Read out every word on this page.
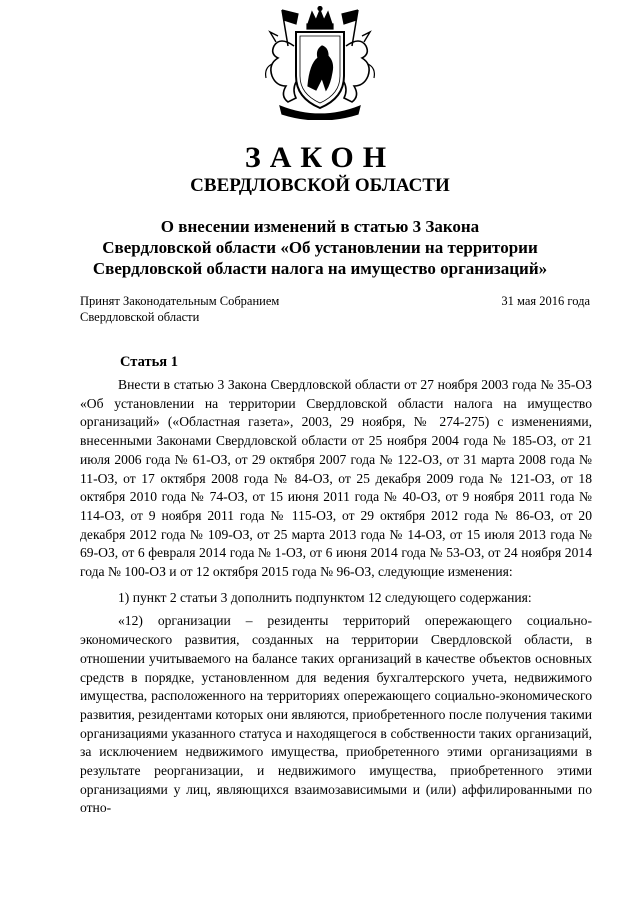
ЗАКОН
СВЕРДЛОВСКОЙ ОБЛАСТИ
О внесении изменений в статью 3 Закона
Свердловской области «Об установлении на территории
Свердловской области налога на имущество организаций»
Принят Законодательным Собранием
Свердловской области
31 мая 2016 года
Статья 1

Внести в статью 3 Закона Свердловской области от 27 ноября 2003 года № 35-ОЗ «Об установлении на территории Свердловской области налога на имущество организаций» («Областная газета», 2003, 29 ноября, № 274-275) с изменениями, внесенными Законами Свердловской области от 25 ноября 2004 года № 185-ОЗ, от 21 июля 2006 года № 61-ОЗ, от 29 октября 2007 года № 122-ОЗ, от 31 марта 2008 года № 11-ОЗ, от 17 октября 2008 года № 84-ОЗ, от 25 декабря 2009 года № 121-ОЗ, от 18 октября 2010 года № 74-ОЗ, от 15 июня 2011 года № 40-ОЗ, от 9 ноября 2011 года № 114-ОЗ, от 9 ноября 2011 года № 115-ОЗ, от 29 октября 2012 года № 86-ОЗ, от 20 декабря 2012 года № 109-ОЗ, от 25 марта 2013 года № 14-ОЗ, от 15 июля 2013 года № 69-ОЗ, от 6 февраля 2014 года № 1-ОЗ, от 6 июня 2014 года № 53-ОЗ, от 24 ноября 2014 года № 100-ОЗ и от 12 октября 2015 года № 96-ОЗ, следующие изменения:

1) пункт 2 статьи 3 дополнить подпунктом 12 следующего содержания:

«12) организации – резиденты территорий опережающего социально-экономического развития, созданных на территории Свердловской области, в отношении учитываемого на балансе таких организаций в качестве объектов основных средств в порядке, установленном для ведения бухгалтерского учета, недвижимого имущества, расположенного на территориях опережающего социально-экономического развития, резидентами которых они являются, приобретенного после получения такими организациями указанного статуса и находящегося в собственности таких организаций, за исключением недвижимого имущества, приобретенного этими организациями в результате реорганизации, и недвижимого имущества, приобретенного этими организациями у лиц, являющихся взаимозависимыми и (или) аффилированными по отно-
